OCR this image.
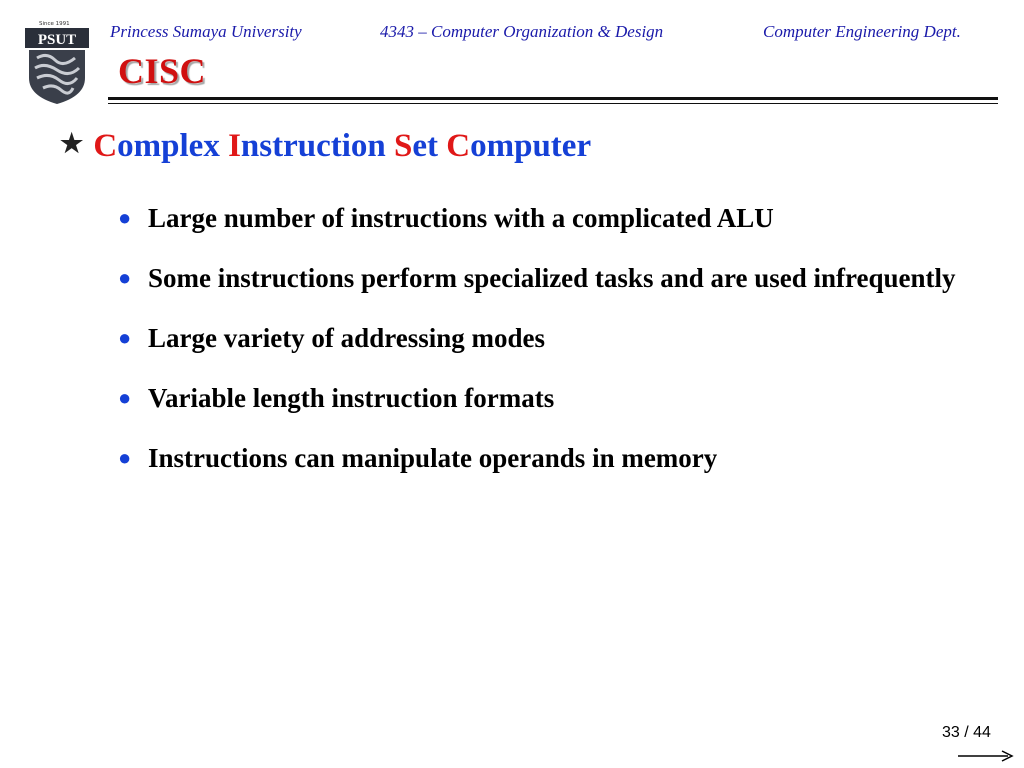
Since 1991
PSUT Princess Sumaya University	4343 – Computer Organization & Design	Computer Engineering Dept.
CISC
★ Complex Instruction Set Computer
● Large number of instructions with a complicated ALU
● Some instructions perform specialized tasks and are used infrequently
● Large variety of addressing modes
● Variable length instruction formats
● Instructions can manipulate operands in memory
33 / 44
